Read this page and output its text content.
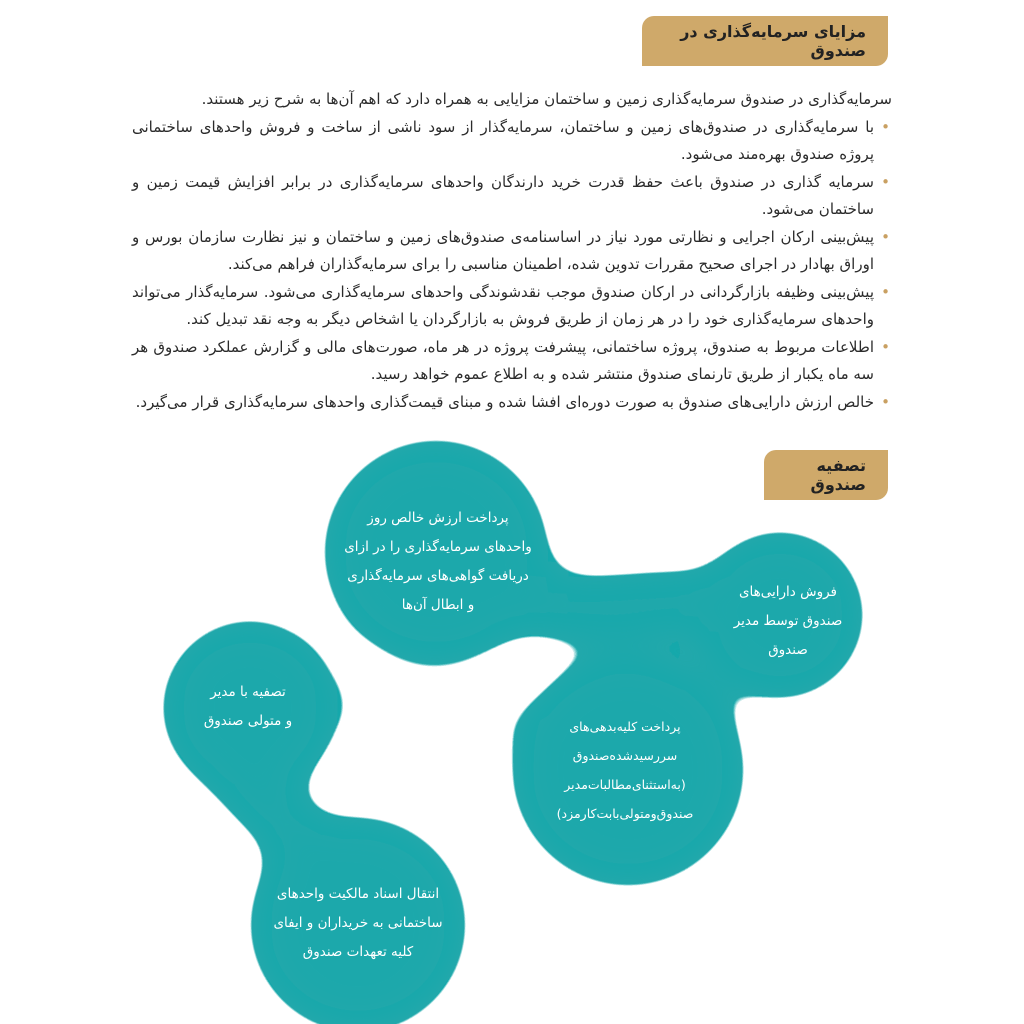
مزایای سرمایه‌گذاری در صندوق

سرمایه‌گذاری در صندوق سرمایه‌گذاری زمین و ساختمان مزایایی به همراه دارد که اهم آن‌ها به شرح زیر هستند.

•
با سرمایه‌گذاری در صندوق‌های زمین و ساختمان، سرمایه‌گذار از سود ناشی از ساخت و فروش واحدهای ساختمانی پروژه صندوق بهره‌مند می‌شود.
•
سرمایه گذاری در صندوق باعث حفظ قدرت خرید دارندگان واحدهای سرمایه‌گذاری در برابر افزایش قیمت زمین و ساختمان می‌شود.
•
پیش‌بینی ارکان اجرایی و نظارتی مورد نیاز در اساسنامه‌ی صندوق‌های زمین و ساختمان و نیز نظارت سازمان بورس و اوراق بهادار در اجرای صحیح مقررات تدوین شده، اطمینان مناسبی را برای سرمایه‌گذاران فراهم می‌کند.
•
پیش‌بینی وظیفه بازارگردانی در ارکان صندوق موجب نقدشوندگی واحدهای سرمایه‌گذاری می‌شود. سرمایه‌گذار می‌تواند واحدهای سرمایه‌گذاری خود را در هر زمان از طریق فروش به بازارگردان یا اشخاص دیگر به وجه نقد تبدیل کند.
•
اطلاعات مربوط به صندوق، پروژه ساختمانی، پیشرفت پروژه در هر ماه، صورت‌های مالی و گزارش عملکرد صندوق هر سه ماه یکبار از طریق تارنمای صندوق منتشر شده و به اطلاع عموم خواهد رسید.
•
خالص ارزش دارایی‌های صندوق به صورت دوره‌ای افشا شده و مبنای قیمت‌گذاری واحدهای سرمایه‌گذاری قرار می‌گیرد.
تصفیه صندوق
فروش دارایی‌های
صندوق توسط مدیر
صندوق
پرداخت کلیه‌بدهی‌های
سررسیدشده‌صندوق
(به‌استثنای‌مطالبات‌مدیر
صندوق‌ومتولی‌بابت‌کارمزد)
پرداخت ارزش خالص روز
واحدهای سرمایه‌گذاری را در ازای
دریافت گواهی‌های سرمایه‌گذاری
و ابطال آن‌ها
تصفیه با مدیر
و متولی صندوق
انتقال اسناد مالکیت واحدهای
ساختمانی به خریداران و ایفای
کلیه تعهدات صندوق
